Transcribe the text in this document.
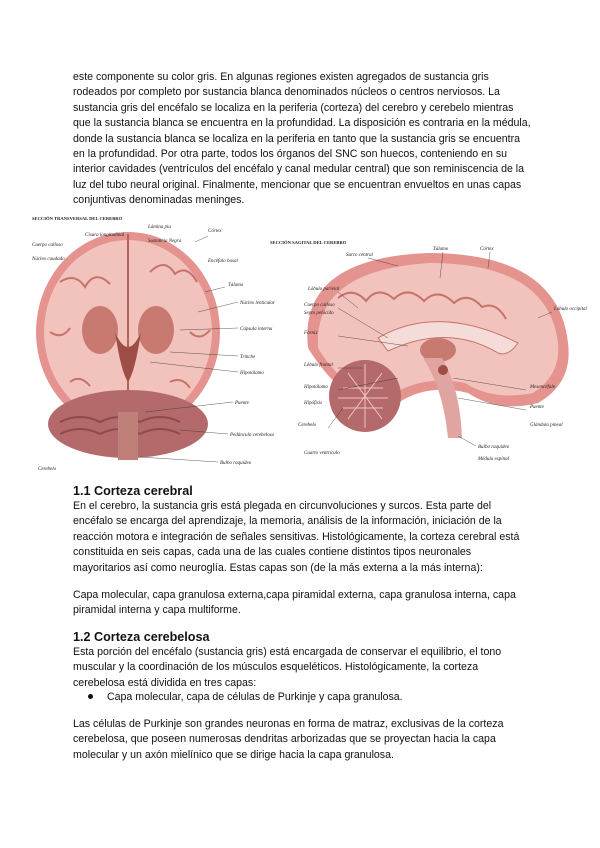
este componente su color gris. En algunas regiones existen agregados de sustancia gris rodeados por completo por sustancia blanca denominados núcleos o centros nerviosos. La sustancia gris del encéfalo se localiza en la periferia (corteza) del cerebro y cerebelo mientras que la sustancia blanca se encuentra en la profundidad. La disposición es contraria en la médula, donde la sustancia blanca se localiza en la periferia en tanto que la sustancia gris se encuentra en la profundidad. Por otra parte, todos los órganos del SNC son huecos, conteniendo en su interior cavidades (ventrículos del encéfalo y canal medular central) que son reminiscencia de la luz del tubo neural original. Finalmente, mencionar que se encuentran envueltos en unas capas conjuntivas denominadas meninges.

SECCIÓN TRANSVERSAL DEL CEREBRO
Lámina pia
Cisura longitudinal
Cuerpo calloso
Núcleo caudado
Córtex
Sustancia Negra
Encéfalo basal
Tálamo
Núcleo lenticular
Cápsula interna
Trinche
Hipotálamo
Puente
Pedúnculo cerebeloso
Bulbo raquídeo
Cerebelo
SECCIÓN SAGITAL DEL CEREBRO
Surco central
Tálamo	Córtex
Lóbulo parietal
Lóbulo occipital
Cuerpo calloso
Septo pelúcido
Fórnix
Lóbulo frontal
Hipotálamo
Hipófisis
Mesencéfalo
Puente
Bulbo raquídeo
Cerebelo
Cuarto ventrículo
Médula espinal
Glándula pineal
1.1 Corteza cerebral

En el cerebro, la sustancia gris está plegada en circunvoluciones y surcos. Esta parte del encéfalo se encarga del aprendizaje, la memoria, análisis de la información, iniciación de la reacción motora e integración de señales sensitivas. Histológicamente, la corteza cerebral está constituida en seis capas, cada una de las cuales contiene distintos tipos neuronales mayoritarios así como neuroglía. Estas capas son (de la más externa a la más interna):

Capa molecular, capa granulosa externa,capa piramidal externa, capa granulosa interna, capa piramidal interna y capa multiforme.

1.2 Corteza cerebelosa

Esta porción del encéfalo (sustancia gris) está encargada de conservar el equilibrio, el tono muscular y la coordinación de los músculos esqueléticos. Histológicamente, la corteza cerebelosa está dividida en tres capas:

Capa molecular, capa de células de Purkinje y capa granulosa.

Las células de Purkinje son grandes neuronas en forma de matraz, exclusivas de la corteza cerebelosa, que poseen numerosas dendritas arborizadas que se proyectan hacia la capa molecular y un axón mielínico que se dirige hacia la capa granulosa.
